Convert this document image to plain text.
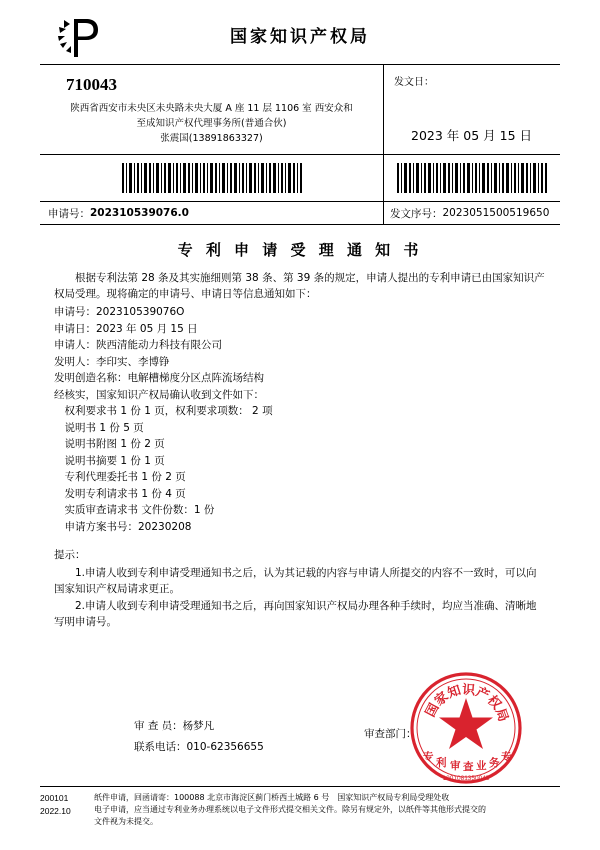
国家知识产权局
710043
陕西省西安市未央区未央路未央大厦 A 座 11 层 1106 室 西安众和
至成知识产权代理事务所(普通合伙)
张震国(13891863327)
发文日：
2023 年 05 月 15 日
申请号： 202310539076.0	发文序号： 2023051500519650
专 利 申 请 受 理 通 知 书
根据专利法第 28 条及其实施细则第 38 条、第 39 条的规定，申请人提出的专利申请已由国家知识产权局受理。现将确定的申请号、申请日等信息通知如下：
申请号：202310539076O
申请日：2023 年 05 月 15 日
申请人：陕西清能动力科技有限公司
发明人：李印实、李博铮
发明创造名称：电解槽梯度分区点阵流场结构
经核实，国家知识产权局确认收到文件如下：
　权利要求书 1 份 1 页，权利要求项数： 2 项
　说明书 1 份 5 页
　说明书附图 1 份 2 页
　说明书摘要 1 份 1 页
　专利代理委托书 1 份 2 页
　发明专利请求书 1 份 4 页
　实质审查请求书 文件份数：1 份
　申请方案书号：20230208
提示：
1.申请人收到专利申请受理通知书之后，认为其记载的内容与申请人所提交的内容不一致时，可以向国家知识产权局请求更正。
2.申请人收到专利申请受理通知书之后，再向国家知识产权局办理各种手续时，均应当准确、清晰地写明申请号。
审 查 员：杨梦凡
联系电话：010-62356655
审查部门：
国
家
知
识
产
权
局
专 利 审 查 业 务 专
1001081350045
200101
2022.10
纸件申请，回函请寄：100088 北京市海淀区蓟门桥西土城路 6 号　国家知识产权局专利局受理处收
电子申请，应当通过专利业务办理系统以电子文件形式提交相关文件。除另有规定外，以纸件等其他形式提交的
文件视为未提交。
